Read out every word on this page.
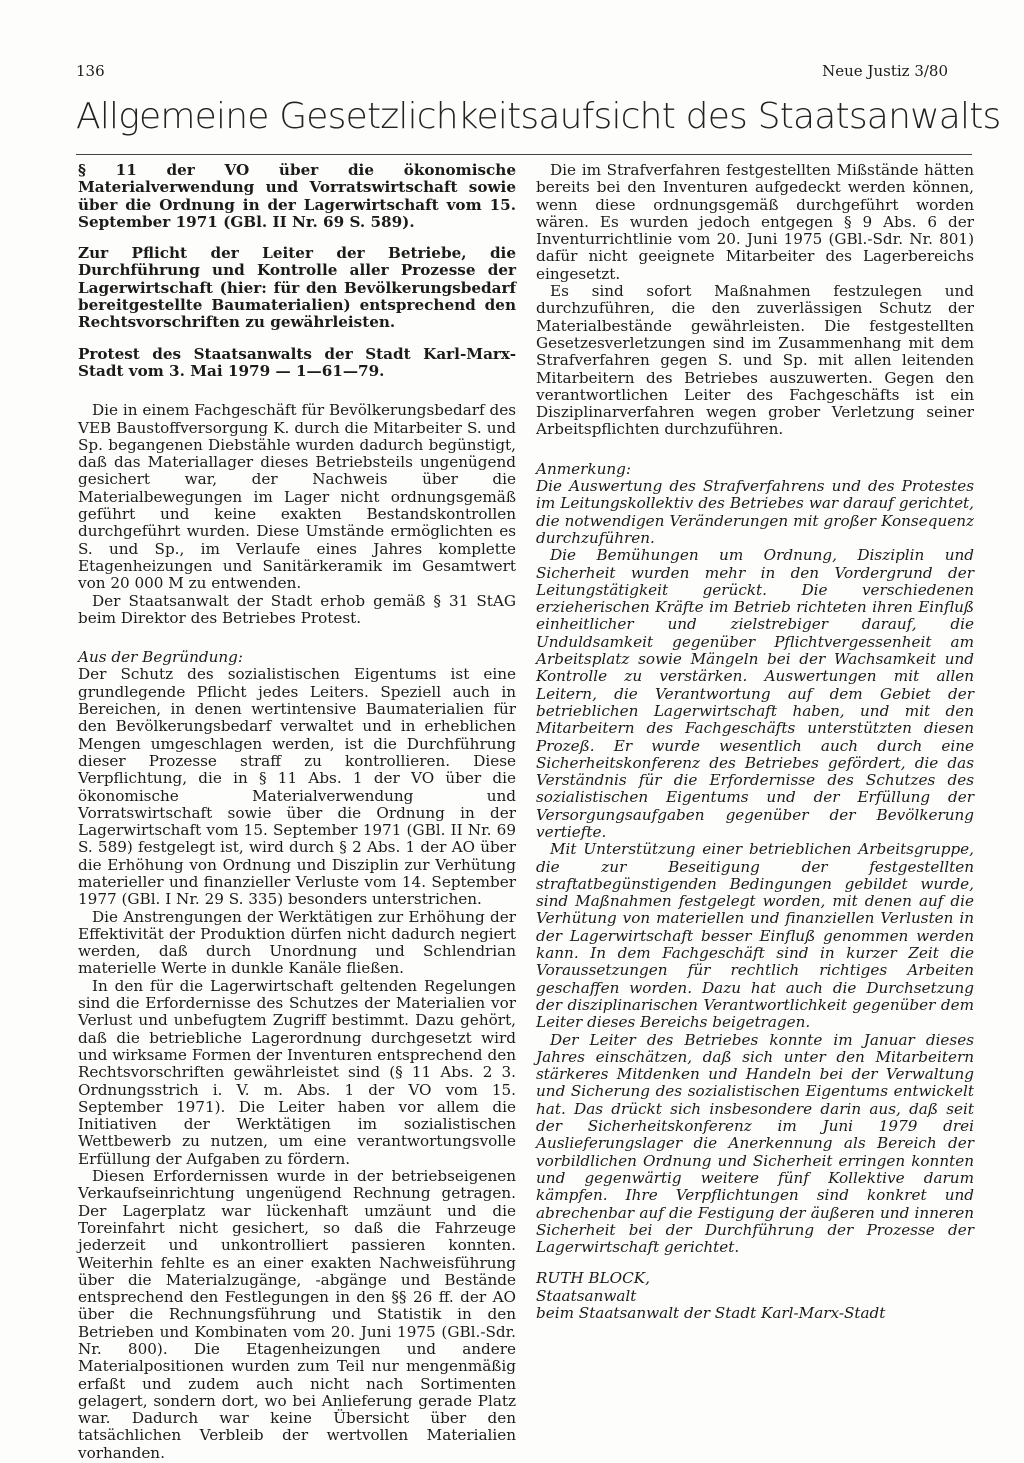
136	Neue Justiz 3/80
Allgemeine Gesetzlichkeitsaufsicht des Staatsanwalts

§ 11 der VO über die ökonomische Materialverwendung und Vorratswirtschaft sowie über die Ordnung in der Lagerwirtschaft vom 15. September 1971 (GBl. II Nr. 69 S. 589).

Zur Pflicht der Leiter der Betriebe, die Durchführung und Kontrolle aller Prozesse der Lagerwirtschaft (hier: für den Bevölkerungsbedarf bereitgestellte Baumaterialien) entsprechend den Rechtsvorschriften zu gewährleisten.

Protest des Staatsanwalts der Stadt Karl-Marx-Stadt vom 3. Mai 1979 — 1—61—79.

Die in einem Fachgeschäft für Bevölkerungsbedarf des VEB Baustoffversorgung K. durch die Mitarbeiter S. und Sp. begangenen Diebstähle wurden dadurch begünstigt, daß das Materiallager dieses Betriebsteils ungenügend gesichert war, der Nachweis über die Materialbewegungen im Lager nicht ordnungsgemäß geführt und keine exakten Bestandskontrollen durchgeführt wurden. Diese Umstände ermöglichten es S. und Sp., im Verlaufe eines Jahres komplette Etagenheizungen und Sanitärkeramik im Gesamtwert von 20 000 M zu entwenden.

Der Staatsanwalt der Stadt erhob gemäß § 31 StAG beim Direktor des Betriebes Protest.

Aus der Begründung:

Der Schutz des sozialistischen Eigentums ist eine grundlegende Pflicht jedes Leiters. Speziell auch in Bereichen, in denen wertintensive Baumaterialien für den Bevölkerungsbedarf verwaltet und in erheblichen Mengen umgeschlagen werden, ist die Durchführung dieser Prozesse straff zu kontrollieren. Diese Verpflichtung, die in § 11 Abs. 1 der VO über die ökonomische Materialverwendung und Vorratswirtschaft sowie über die Ordnung in der Lagerwirtschaft vom 15. September 1971 (GBl. II Nr. 69 S. 589) festgelegt ist, wird durch § 2 Abs. 1 der AO über die Erhöhung von Ordnung und Disziplin zur Verhütung materieller und finanzieller Verluste vom 14. September 1977 (GBl. I Nr. 29 S. 335) besonders unterstrichen.

Die Anstrengungen der Werktätigen zur Erhöhung der Effektivität der Produktion dürfen nicht dadurch negiert werden, daß durch Unordnung und Schlendrian materielle Werte in dunkle Kanäle fließen.

In den für die Lagerwirtschaft geltenden Regelungen sind die Erfordernisse des Schutzes der Materialien vor Verlust und unbefugtem Zugriff bestimmt. Dazu gehört, daß die betriebliche Lagerordnung durchgesetzt wird und wirksame Formen der Inventuren entsprechend den Rechtsvorschriften gewährleistet sind (§ 11 Abs. 2 3. Ordnungsstrich i. V. m. Abs. 1 der VO vom 15. September 1971). Die Leiter haben vor allem die Initiativen der Werktätigen im sozialistischen Wettbewerb zu nutzen, um eine verantwortungsvolle Erfüllung der Aufgaben zu fördern.

Diesen Erfordernissen wurde in der betriebseigenen Verkaufseinrichtung ungenügend Rechnung getragen. Der Lagerplatz war lückenhaft umzäunt und die Toreinfahrt nicht gesichert, so daß die Fahrzeuge jederzeit und unkontrolliert passieren konnten. Weiterhin fehlte es an einer exakten Nachweisführung über die Materialzugänge, -abgänge und Bestände entsprechend den Festlegungen in den §§ 26 ff. der AO über die Rechnungsführung und Statistik in den Betrieben und Kombinaten vom 20. Juni 1975 (GBl.-Sdr. Nr. 800). Die Etagenheizungen und andere Materialpositionen wurden zum Teil nur mengenmäßig erfaßt und zudem auch nicht nach Sortimenten gelagert, sondern dort, wo bei Anlieferung gerade Platz war. Dadurch war keine Übersicht über den tatsächlichen Verbleib der wertvollen Materialien vorhanden.

Die im Strafverfahren festgestellten Mißstände hätten bereits bei den Inventuren aufgedeckt werden können, wenn diese ordnungsgemäß durchgeführt worden wären. Es wurden jedoch entgegen § 9 Abs. 6 der Inventurrichtlinie vom 20. Juni 1975 (GBl.-Sdr. Nr. 801) dafür nicht geeignete Mitarbeiter des Lagerbereichs eingesetzt.

Es sind sofort Maßnahmen festzulegen und durchzuführen, die den zuverlässigen Schutz der Materialbestände gewährleisten. Die festgestellten Gesetzesverletzungen sind im Zusammenhang mit dem Strafverfahren gegen S. und Sp. mit allen leitenden Mitarbeitern des Betriebes auszuwerten. Gegen den verantwortlichen Leiter des Fachgeschäfts ist ein Disziplinarverfahren wegen grober Verletzung seiner Arbeitspflichten durchzuführen.

Anmerkung:

Die Auswertung des Strafverfahrens und des Protestes im Leitungskollektiv des Betriebes war darauf gerichtet, die notwendigen Veränderungen mit großer Konsequenz durchzuführen.

Die Bemühungen um Ordnung, Disziplin und Sicherheit wurden mehr in den Vordergrund der Leitungstätigkeit gerückt. Die verschiedenen erzieherischen Kräfte im Betrieb richteten ihren Einfluß einheitlicher und zielstrebiger darauf, die Unduldsamkeit gegenüber Pflichtvergessenheit am Arbeitsplatz sowie Mängeln bei der Wachsamkeit und Kontrolle zu verstärken. Auswertungen mit allen Leitern, die Verantwortung auf dem Gebiet der betrieblichen Lagerwirtschaft haben, und mit den Mitarbeitern des Fachgeschäfts unterstützten diesen Prozeß. Er wurde wesentlich auch durch eine Sicherheitskonferenz des Betriebes gefördert, die das Verständnis für die Erfordernisse des Schutzes des sozialistischen Eigentums und der Erfüllung der Versorgungsaufgaben gegenüber der Bevölkerung vertiefte.

Mit Unterstützung einer betrieblichen Arbeitsgruppe, die zur Beseitigung der festgestellten straftatbegünstigenden Bedingungen gebildet wurde, sind Maßnahmen festgelegt worden, mit denen auf die Verhütung von materiellen und finanziellen Verlusten in der Lagerwirtschaft besser Einfluß genommen werden kann. In dem Fachgeschäft sind in kurzer Zeit die Voraussetzungen für rechtlich richtiges Arbeiten geschaffen worden. Dazu hat auch die Durchsetzung der disziplinarischen Verantwortlichkeit gegenüber dem Leiter dieses Bereichs beigetragen.

Der Leiter des Betriebes konnte im Januar dieses Jahres einschätzen, daß sich unter den Mitarbeitern stärkeres Mitdenken und Handeln bei der Verwaltung und Sicherung des sozialistischen Eigentums entwickelt hat. Das drückt sich insbesondere darin aus, daß seit der Sicherheitskonferenz im Juni 1979 drei Auslieferungslager die Anerkennung als Bereich der vorbildlichen Ordnung und Sicherheit erringen konnten und gegenwärtig weitere fünf Kollektive darum kämpfen. Ihre Verpflichtungen sind konkret und abrechenbar auf die Festigung der äußeren und inneren Sicherheit bei der Durchführung der Prozesse der Lagerwirtschaft gerichtet.

RUTH BLOCK,

Staatsanwalt

beim Staatsanwalt der Stadt Karl-Marx-Stadt
